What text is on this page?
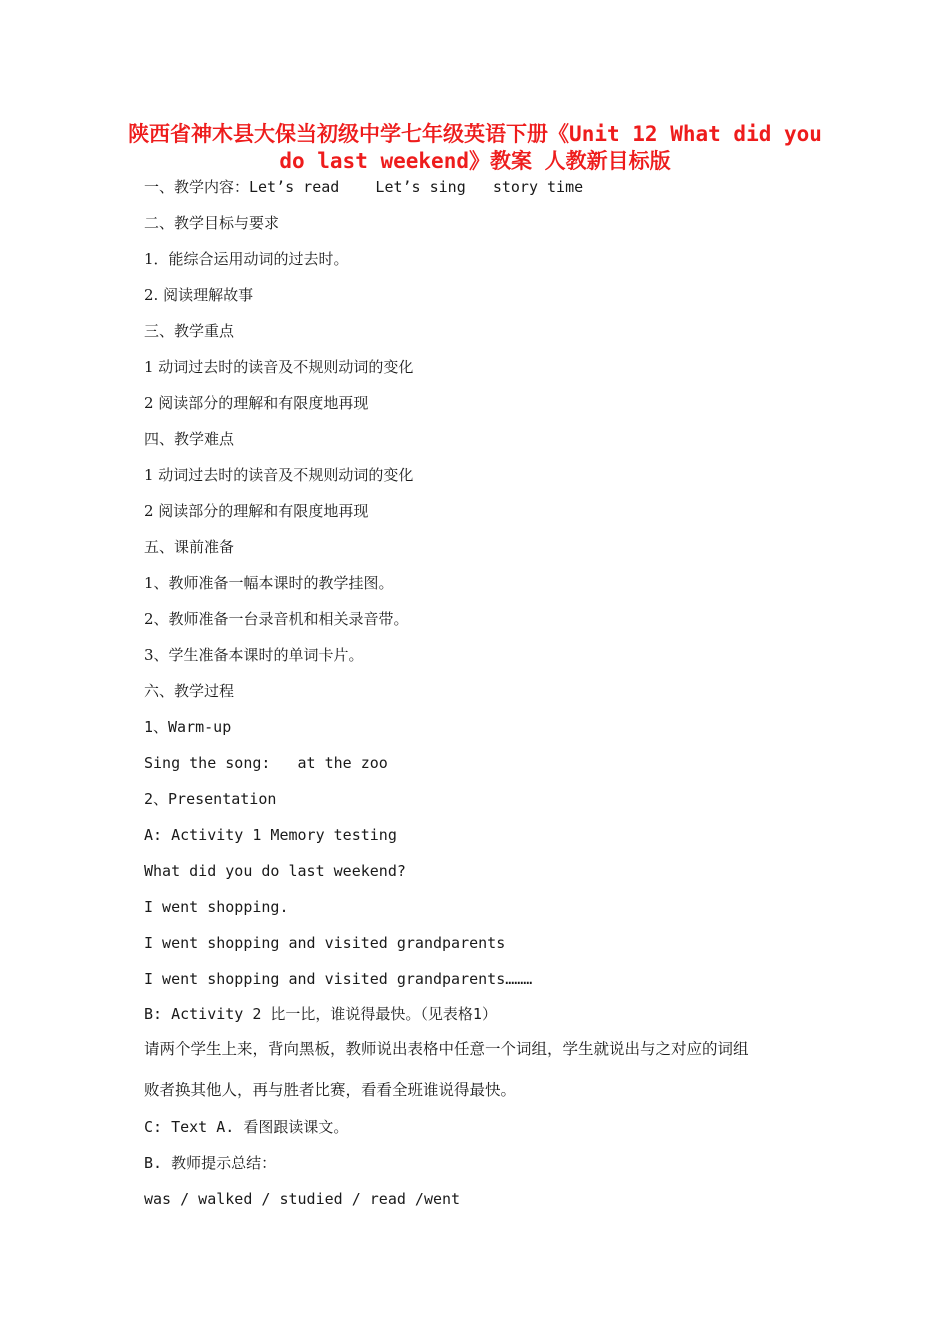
陕西省神木县大保当初级中学七年级英语下册《Unit 12 What did you do last weekend》教案 人教新目标版
一、教学内容：Let’s read    Let’s sing   story time
二、教学目标与要求
1．能综合运用动词的过去时。
2. 阅读理解故事
三、教学重点
1 动词过去时的读音及不规则动词的变化
2 阅读部分的理解和有限度地再现
四、教学难点
1 动词过去时的读音及不规则动词的变化
2 阅读部分的理解和有限度地再现
五、课前准备
1、教师准备一幅本课时的教学挂图。
2、教师准备一台录音机和相关录音带。
3、学生准备本课时的单词卡片。
六、教学过程
1、Warm-up
Sing the song:   at the zoo
2、Presentation
A: Activity 1 Memory testing
What did you do last weekend?
I went shopping.
I went shopping and visited grandparents
I went shopping and visited grandparents………
B: Activity 2 比一比，谁说得最快。（见表格1）
请两个学生上来，背向黑板，教师说出表格中任意一个词组，学生就说出与之对应的词组
败者换其他人，再与胜者比赛，看看全班谁说得最快。
C: Text A. 看图跟读课文。
B. 教师提示总结：
was / walked / studied / read /went
